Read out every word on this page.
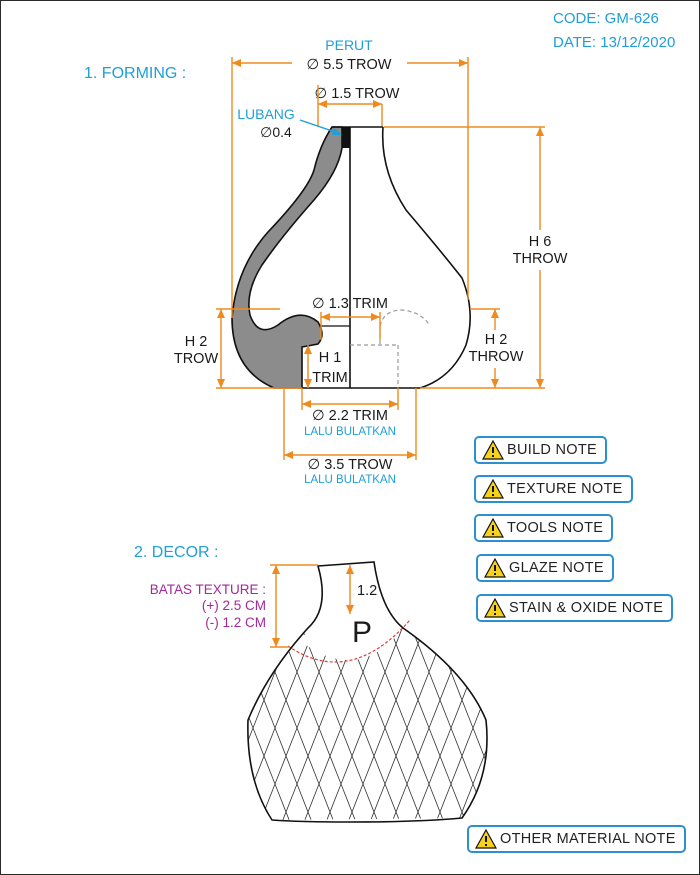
CODE: GM-626
DATE: 13/12/2020
1. FORMING :
PERUT
∅ 5.5 TROW
∅ 1.5 TROW
LUBANG
∅0.4
H 6
THROW
H 2
TROW
H 2
THROW
∅ 1.3 TRIM
H 1
TRIM
∅ 2.2 TRIM
LALU BULATKAN
∅ 3.5 TROW
LALU BULATKAN
2. DECOR :
1.2
P
BATAS TEXTURE :
(+) 2.5 CM
(-) 1.2 CM
BUILD NOTE
TEXTURE NOTE
TOOLS NOTE
GLAZE NOTE
STAIN & OXIDE NOTE
OTHER MATERIAL NOTE
